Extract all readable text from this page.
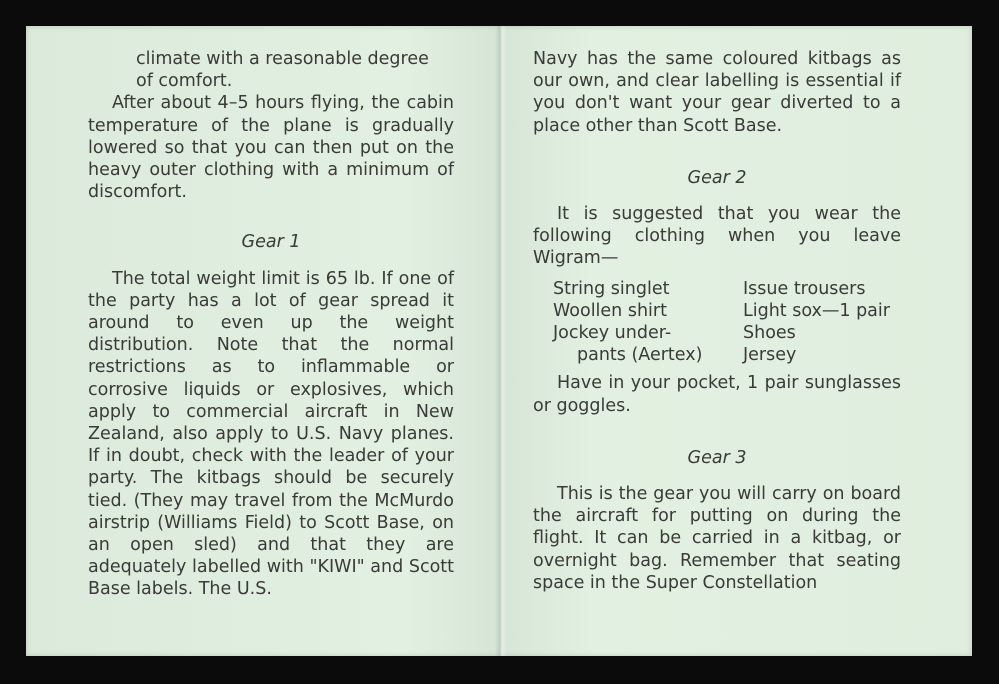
climate with a reasonable degree
of comfort.

After about 4–5 hours flying, the cabin temperature of the plane is gradually lowered so that you can then put on the heavy outer clothing with a minimum of discomfort.

Gear 1

The total weight limit is 65 lb. If one of the party has a lot of gear spread it around to even up the weight distribution. Note that the normal restrictions as to inflammable or corrosive liquids or explosives, which apply to commercial aircraft in New Zealand, also apply to U.S. Navy planes. If in doubt, check with the leader of your party. The kitbags should be securely tied. (They may travel from the McMurdo airstrip (Williams Field) to Scott Base, on an open sled) and that they are adequately labelled with "KIWI" and Scott Base labels. The U.S.

Navy has the same coloured kitbags as our own, and clear labelling is essential if you don't want your gear diverted to a place other than Scott Base.

Gear 2

It is suggested that you wear the following clothing when you leave Wigram—

String singlet
Woollen shirt
Jockey under-
pants (Aertex)
Issue trousers
Light sox—1 pair
Shoes
Jersey

Have in your pocket, 1 pair sunglasses or goggles.

Gear 3

This is the gear you will carry on board the aircraft for putting on during the flight. It can be carried in a kitbag, or overnight bag. Remember that seating space in the Super Constellation
